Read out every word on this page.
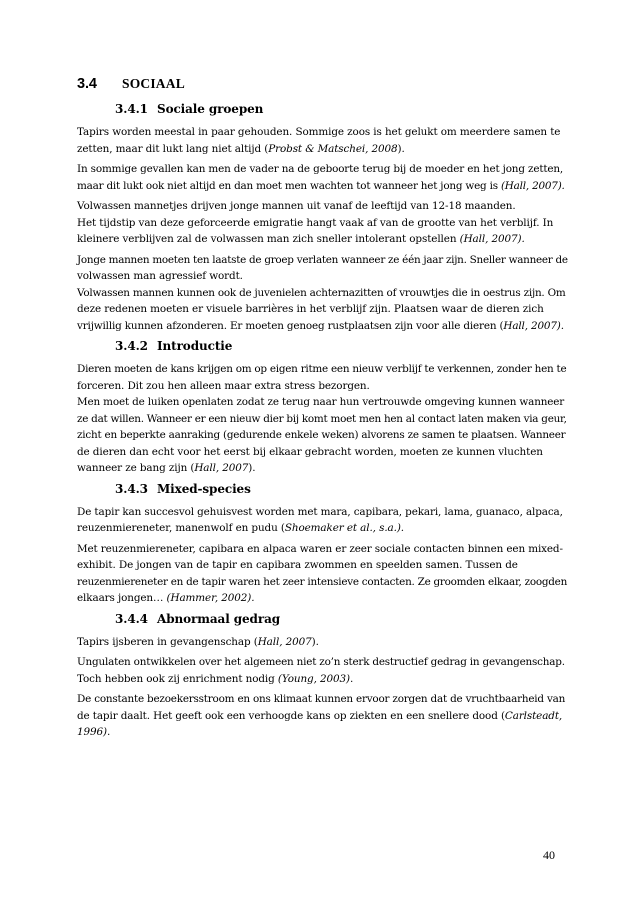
3.4	SOCIAAL
3.4.1 Sociale groepen
Tapirs worden meestal in paar gehouden. Sommige zoos is het gelukt om meerdere samen te
zetten, maar dit lukt lang niet altijd (Probst & Matschei, 2008).
In sommige gevallen kan men de vader na de geboorte terug bij de moeder en het jong zetten,
maar dit lukt ook niet altijd en dan moet men wachten tot wanneer het jong weg is (Hall, 2007).
Volwassen mannetjes drijven jonge mannen uit vanaf de leeftijd van 12-18 maanden.
Het tijdstip van deze geforceerde emigratie hangt vaak af van de grootte van het verblijf. In
kleinere verblijven zal de volwassen man zich sneller intolerant opstellen (Hall, 2007).
Jonge mannen moeten ten laatste de groep verlaten wanneer ze één jaar zijn. Sneller wanneer de
volwassen man agressief wordt.
Volwassen mannen kunnen ook de juvenielen achternazitten of vrouwtjes die in oestrus zijn. Om
deze redenen moeten er visuele barrières in het verblijf zijn. Plaatsen waar de dieren zich
vrijwillig kunnen afzonderen. Er moeten genoeg rustplaatsen zijn voor alle dieren (Hall, 2007).
3.4.2 Introductie
Dieren moeten de kans krijgen om op eigen ritme een nieuw verblijf te verkennen, zonder hen te
forceren. Dit zou hen alleen maar extra stress bezorgen.
Men moet de luiken openlaten zodat ze terug naar hun vertrouwde omgeving kunnen wanneer
ze dat willen. Wanneer er een nieuw dier bij komt moet men hen al contact laten maken via geur,
zicht en beperkte aanraking (gedurende enkele weken) alvorens ze samen te plaatsen. Wanneer
de dieren dan echt voor het eerst bij elkaar gebracht worden, moeten ze kunnen vluchten
wanneer ze bang zijn (Hall, 2007).
3.4.3 Mixed-species
De tapir kan succesvol gehuisvest worden met mara, capibara, pekari, lama, guanaco, alpaca,
reuzenmiereneter, manenwolf en pudu (Shoemaker et al., s.a.).
Met reuzenmiereneter, capibara en alpaca waren er zeer sociale contacten binnen een mixed-
exhibit. De jongen van de tapir en capibara zwommen en speelden samen. Tussen de
reuzenmiereneter en de tapir waren het zeer intensieve contacten. Ze groomden elkaar, zoogden
elkaars jongen… (Hammer, 2002).
3.4.4 Abnormaal gedrag
Tapirs ijsberen in gevangenschap (Hall, 2007).
Ungulaten ontwikkelen over het algemeen niet zo’n sterk destructief gedrag in gevangenschap.
Toch hebben ook zij enrichment nodig (Young, 2003).
De constante bezoekersstroom en ons klimaat kunnen ervoor zorgen dat de vruchtbaarheid van
de tapir daalt. Het geeft ook een verhoogde kans op ziekten en een snellere dood (Carlsteadt,
1996).
40
